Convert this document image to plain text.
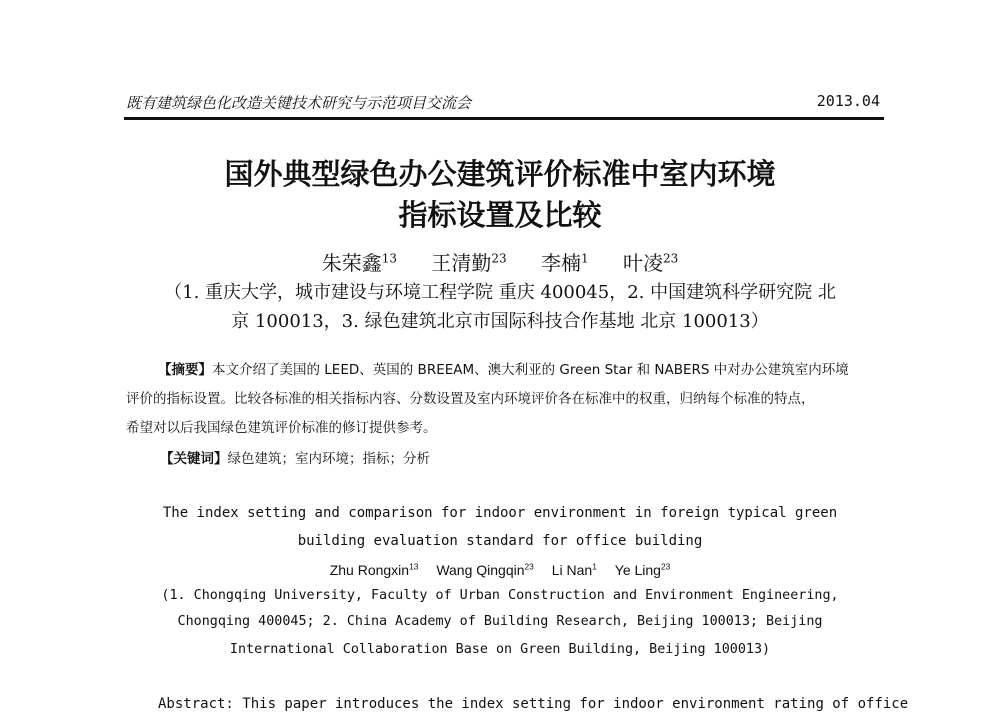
既有建筑绿色化改造关键技术研究与示范项目交流会	2013.04
国外典型绿色办公建筑评价标准中室内环境
指标设置及比较
朱荣鑫$^{13}$ 王清勤$^{23}$ 李楠$^1$ 叶凌$^{23}$
（1. 重庆大学，城市建设与环境工程学院 重庆 400045，2. 中国建筑科学研究院 北
京 100013，3. 绿色建筑北京市国际科技合作基地 北京 100013）
【摘要】本文介绍了美国的 LEED、英国的 BREEAM、澳大利亚的 Green Star 和 NABERS 中对办公建筑室内环境
评价的指标设置。比较各标准的相关指标内容、分数设置及室内环境评价各在标准中的权重，归纳每个标准的特点，
希望对以后我国绿色建筑评价标准的修订提供参考。
【关键词】绿色建筑；室内环境；指标；分析
The index setting and comparison for indoor environment in foreign typical green
building evaluation standard for office building
Zhu Rongxin$^{13}$ Wang Qingqin$^{23}$ Li Nan$^1$ Ye Ling$^{23}$
(1. Chongqing University, Faculty of Urban Construction and Environment Engineering,
Chongqing 400045; 2. China Academy of Building Research, Beijing 100013; Beijing
International Collaboration Base on Green Building, Beijing 100013)
Abstract: This paper introduces the index setting for indoor environment rating of office
